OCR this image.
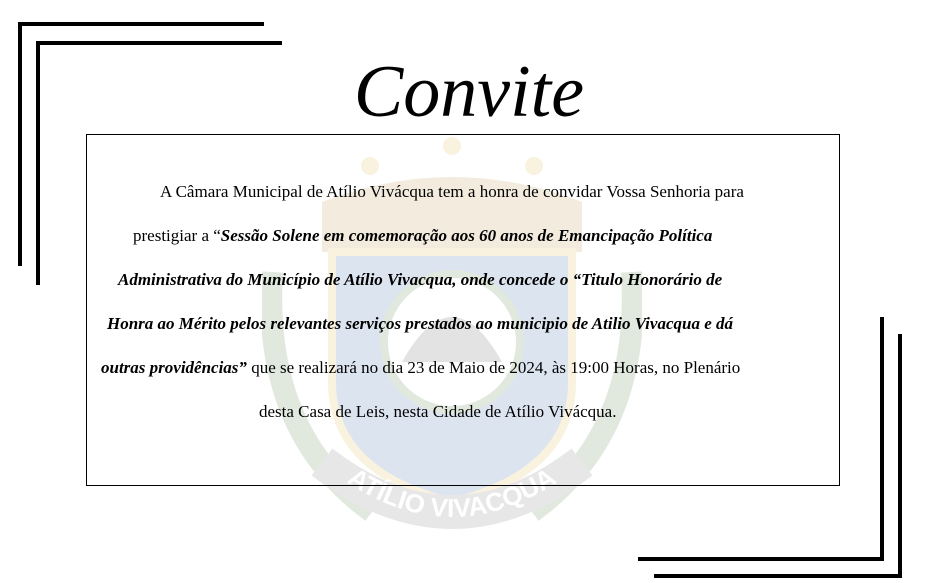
ATÍLIO VIVACQUA
Convite
A Câmara Municipal de Atílio Vivácqua tem a honra de convidar Vossa Senhoria para
prestigiar a “Sessão Solene em comemoração aos 60 anos de Emancipação Política
Administrativa do Município de Atílio Vivacqua, onde concede o “Titulo Honorário de
Honra ao Mérito pelos relevantes serviços prestados ao municipio de Atilio Vivacqua e dá
outras providências” que se realizará no dia 23 de Maio de 2024, às 19:00 Horas, no Plenário
desta Casa de Leis, nesta Cidade de Atílio Vivácqua.
